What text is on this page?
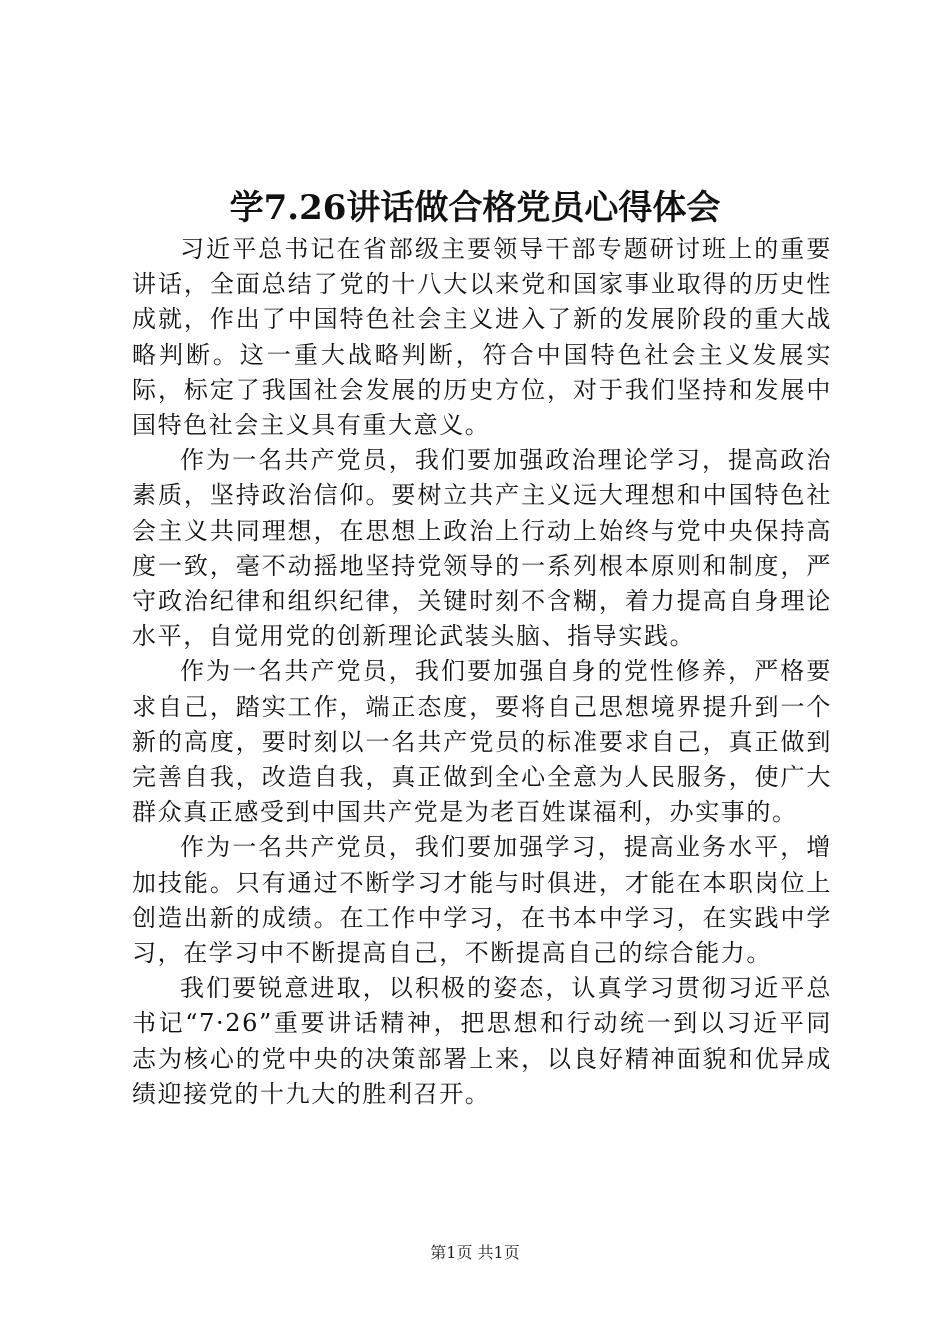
学7.26讲话做合格党员心得体会

习近平总书记在省部级主要领导干部专题研讨班上的重要讲话，全面总结了党的十八大以来党和国家事业取得的历史性成就，作出了中国特色社会主义进入了新的发展阶段的重大战略判断。这一重大战略判断，符合中国特色社会主义发展实际，标定了我国社会发展的历史方位，对于我们坚持和发展中国特色社会主义具有重大意义。

作为一名共产党员，我们要加强政治理论学习，提高政治素质，坚持政治信仰。要树立共产主义远大理想和中国特色社会主义共同理想，在思想上政治上行动上始终与党中央保持高度一致，毫不动摇地坚持党领导的一系列根本原则和制度，严守政治纪律和组织纪律，关键时刻不含糊，着力提高自身理论水平，自觉用党的创新理论武装头脑、指导实践。

作为一名共产党员，我们要加强自身的党性修养，严格要求自己，踏实工作，端正态度，要将自己思想境界提升到一个新的高度，要时刻以一名共产党员的标准要求自己，真正做到完善自我，改造自我，真正做到全心全意为人民服务，使广大群众真正感受到中国共产党是为老百姓谋福利，办实事的。

作为一名共产党员，我们要加强学习，提高业务水平，增加技能。只有通过不断学习才能与时俱进，才能在本职岗位上创造出新的成绩。在工作中学习，在书本中学习，在实践中学习，在学习中不断提高自己，不断提高自己的综合能力。

我们要锐意进取，以积极的姿态，认真学习贯彻习近平总书记“7·26”重要讲话精神，把思想和行动统一到以习近平同志为核心的党中央的决策部署上来，以良好精神面貌和优异成绩迎接党的十九大的胜利召开。

第1页 共1页
